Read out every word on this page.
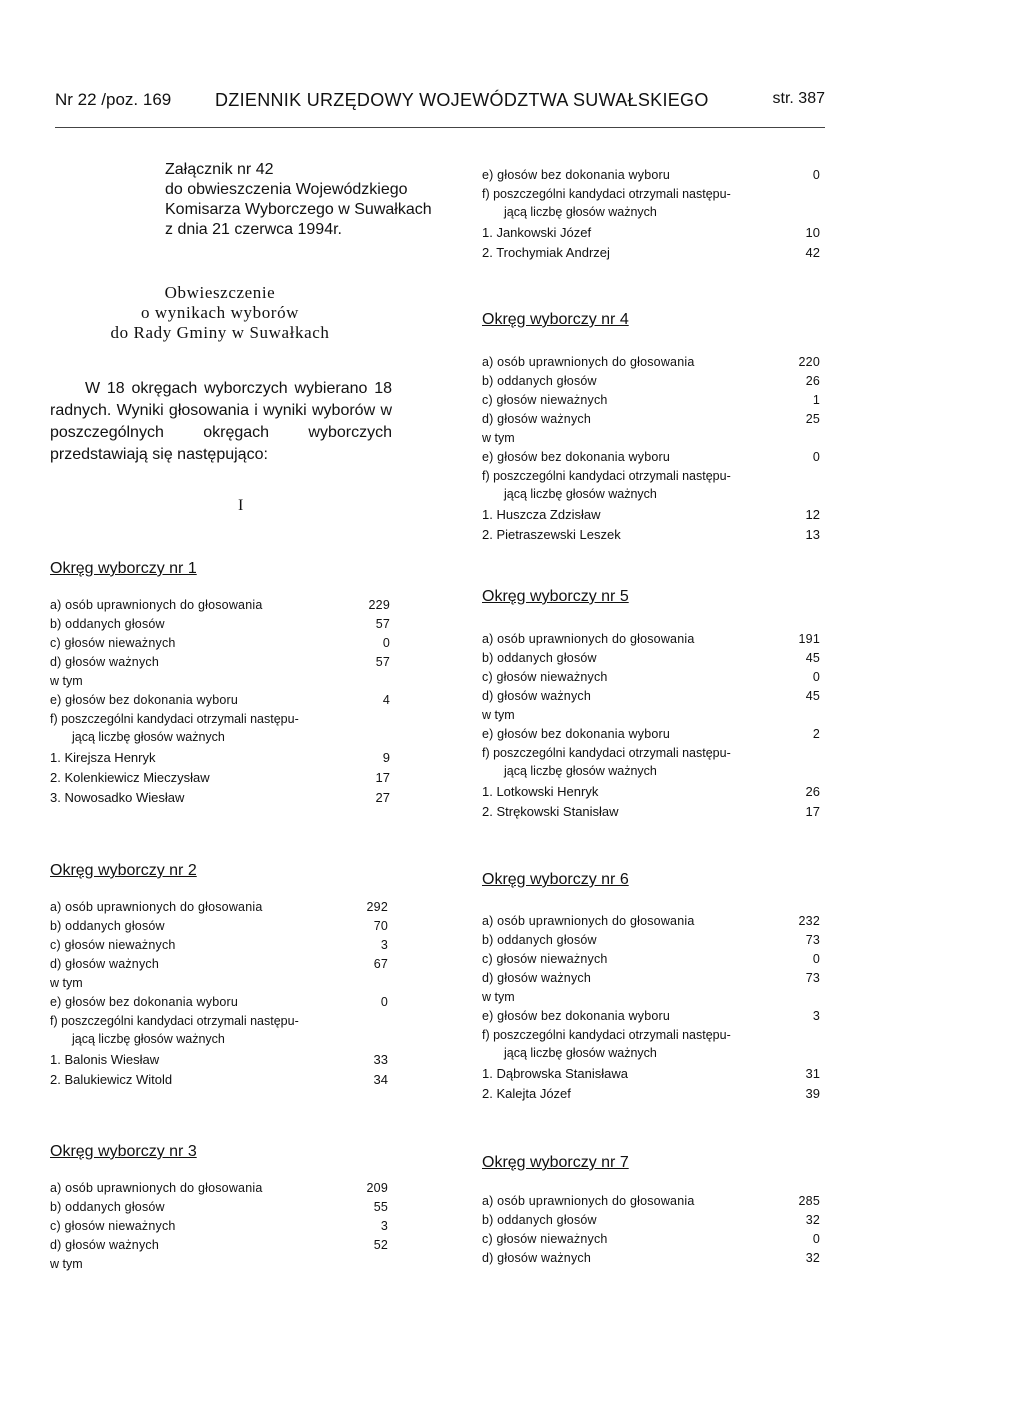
Nr 22 /poz. 169 DZIENNIK URZĘDOWY WOJEWÓDZTWA SUWAŁSKIEGO	str. 387
Załącznik nr 42
do obwieszczenia Wojewódzkiego
Komisarza Wyborczego w Suwałkach
z dnia 21 czerwca 1994r.
Obwieszczenie
o wynikach wyborów
do Rady Gminy w Suwałkach

W 18 okręgach wyborczych wybierano 18 radnych. Wyniki głosowania i wyniki wyborów w poszczególnych okręgach wyborczych przedstawiają się następująco:

I
Okręg wyborczy nr 1
a) osób uprawnionych do głosowania	229
b) oddanych głosów	57
c) głosów nieważnych	0
d) głosów ważnych	57
w tym
e) głosów bez dokonania wyboru	4
f) poszczególni kandydaci otrzymali następu-
jącą liczbę głosów ważnych
1. Kirejsza Henryk	9
2. Kolenkiewicz Mieczysław	17
3. Nowosadko Wiesław	27
Okręg wyborczy nr 2
a) osób uprawnionych do głosowania	292
b) oddanych głosów	70
c) głosów nieważnych	3
d) głosów ważnych	67
w tym
e) głosów bez dokonania wyboru	0
f) poszczególni kandydaci otrzymali następu-
jącą liczbę głosów ważnych
1. Balonis Wiesław	33
2. Balukiewicz Witold	34
Okręg wyborczy nr 3
a) osób uprawnionych do głosowania	209
b) oddanych głosów	55
c) głosów nieważnych	3
d) głosów ważnych	52
w tym
e) głosów bez dokonania wyboru	0
f) poszczególni kandydaci otrzymali następu-
jącą liczbę głosów ważnych
1. Jankowski Józef	10
2. Trochymiak Andrzej	42
Okręg wyborczy nr 4
a) osób uprawnionych do głosowania	220
b) oddanych głosów	26
c) głosów nieważnych	1
d) głosów ważnych	25
w tym
e) głosów bez dokonania wyboru	0
f) poszczególni kandydaci otrzymali następu-
jącą liczbę głosów ważnych
1. Huszcza Zdzisław	12
2. Pietraszewski Leszek	13
Okręg wyborczy nr 5
a) osób uprawnionych do głosowania	191
b) oddanych głosów	45
c) głosów nieważnych	0
d) głosów ważnych	45
w tym
e) głosów bez dokonania wyboru	2
f) poszczególni kandydaci otrzymali następu-
jącą liczbę głosów ważnych
1. Lotkowski Henryk	26
2. Strękowski Stanisław	17
Okręg wyborczy nr 6
a) osób uprawnionych do głosowania	232
b) oddanych głosów	73
c) głosów nieważnych	0
d) głosów ważnych	73
w tym
e) głosów bez dokonania wyboru	3
f) poszczególni kandydaci otrzymali następu-
jącą liczbę głosów ważnych
1. Dąbrowska Stanisława	31
2. Kalejta Józef	39
Okręg wyborczy nr 7
a) osób uprawnionych do głosowania	285
b) oddanych głosów	32
c) głosów nieważnych	0
d) głosów ważnych	32
